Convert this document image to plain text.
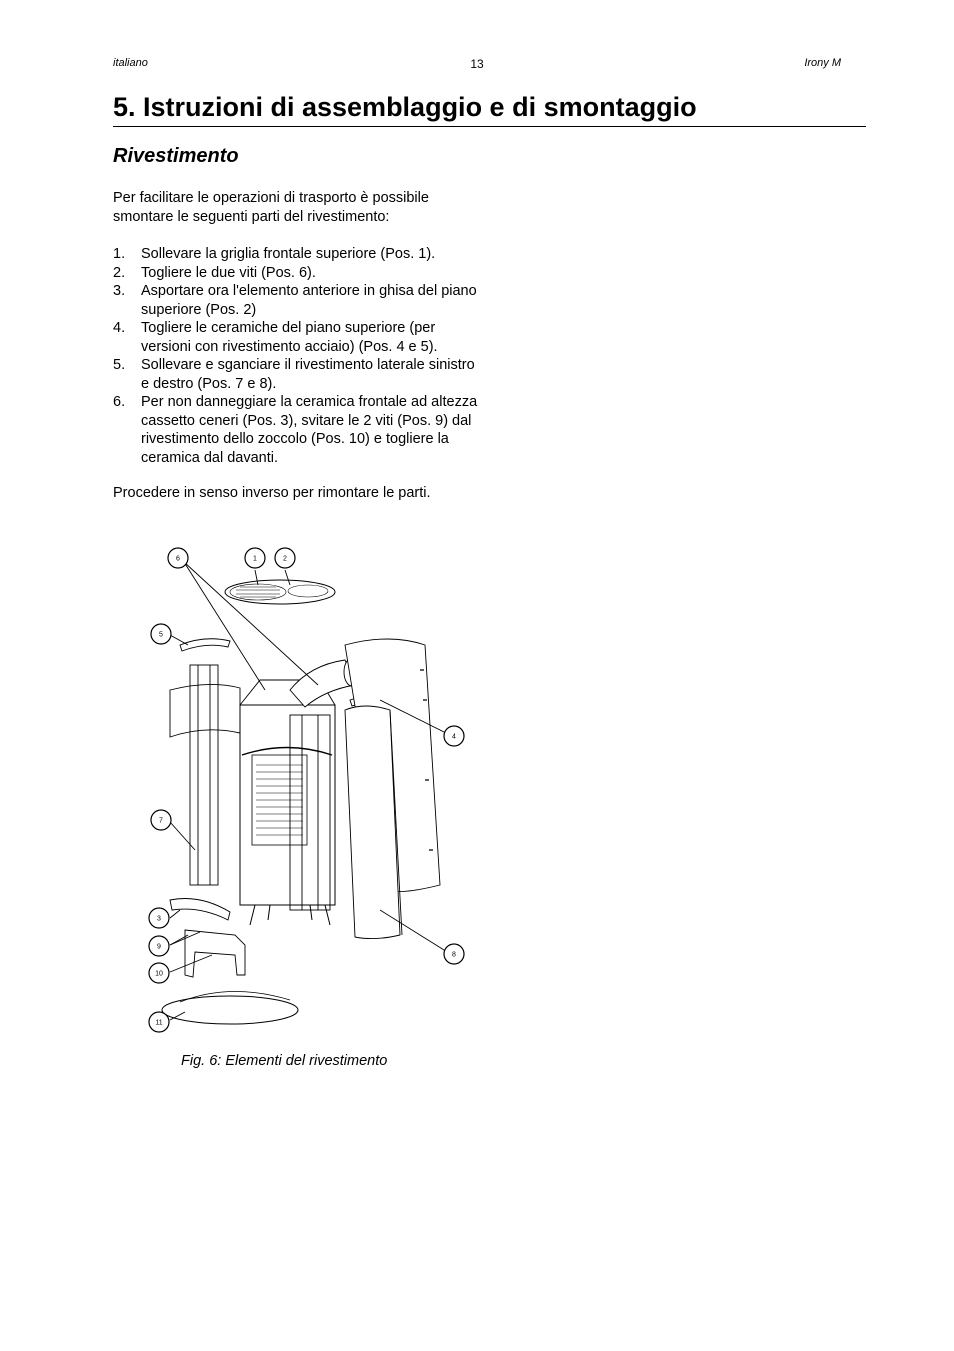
italiano	13	Irony M
5. Istruzioni di assemblaggio e di smontaggio
Rivestimento

Per facilitare le operazioni di trasporto è possibile smontare le seguenti parti del rivestimento:

1. Sollevare la griglia frontale superiore (Pos. 1).
2. Togliere le due viti (Pos. 6).
3. Asportare ora l'elemento anteriore in ghisa del piano superiore (Pos. 2)
4. Togliere le ceramiche del piano superiore (per versioni con rivestimento acciaio) (Pos. 4 e 5).
5. Sollevare e sganciare il rivestimento laterale sinistro e destro (Pos. 7 e 8).
6. Per non danneggiare la ceramica frontale ad altezza cassetto ceneri (Pos. 3), svitare le 2 viti (Pos. 9) dal rivestimento dello zoccolo (Pos. 10) e togliere la ceramica dal davanti.

Procedere in senso inverso per rimontare le parti.

6	1	2
5
4
7
3
9
10
8
11
Fig. 6: Elementi del rivestimento
